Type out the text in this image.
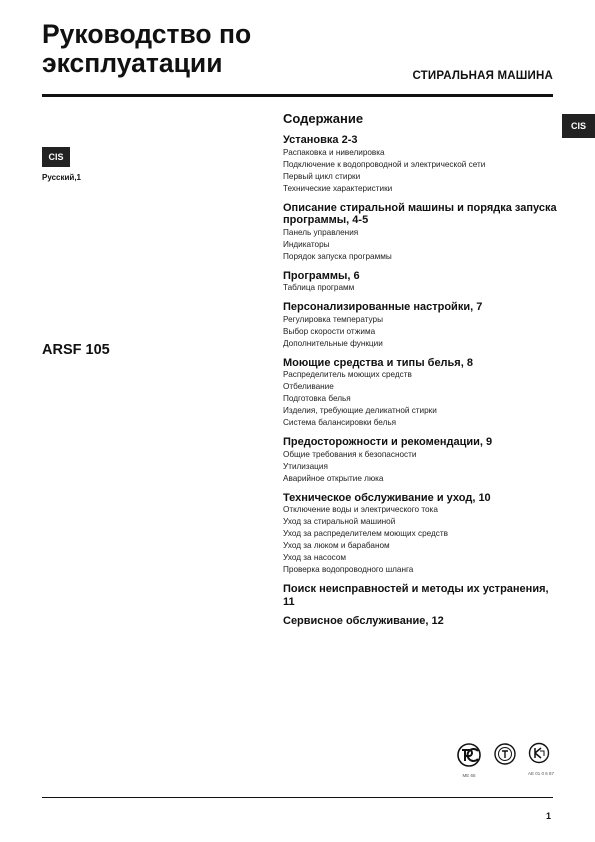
Руководство по
эксплуатации	СТИРАЛЬНАЯ МАШИНА
CIS
Русский,1
ARSF 105
CIS
Содержание
Установка 2-3
Распаковка и нивелировка
Подключение к водопроводной и электрической сети
Первый цикл стирки
Технические характеристики
Описание стиральной машины и порядка запуска программы, 4-5
Панель управления
Индикаторы
Порядок запуска программы
Программы, 6
Таблица программ
Персонализированные настройки, 7
Регулировка температуры
Выбор скорости отжима
Дополнительные функции
Моющие средства и типы белья, 8
Распределитель моющих средств
Отбеливание
Подготовка белья
Изделия, требующие деликатной стирки
Система балансировки белья
Предосторожности и рекомендации, 9
Общие требования к безопасности
Утилизация
Аварийное открытие люка
Техническое обслуживание и уход, 10
Отключение воды и электрического тока
Уход за стиральной машиной
Уход за распределителем моющих средств
Уход за люком и барабаном
Уход за насосом
Проверка водопроводного шланга
Поиск неисправностей и методы их устранения, 11
Сервисное обслуживание, 12
МЕ 65	АЕ 01 0 6 87
1
